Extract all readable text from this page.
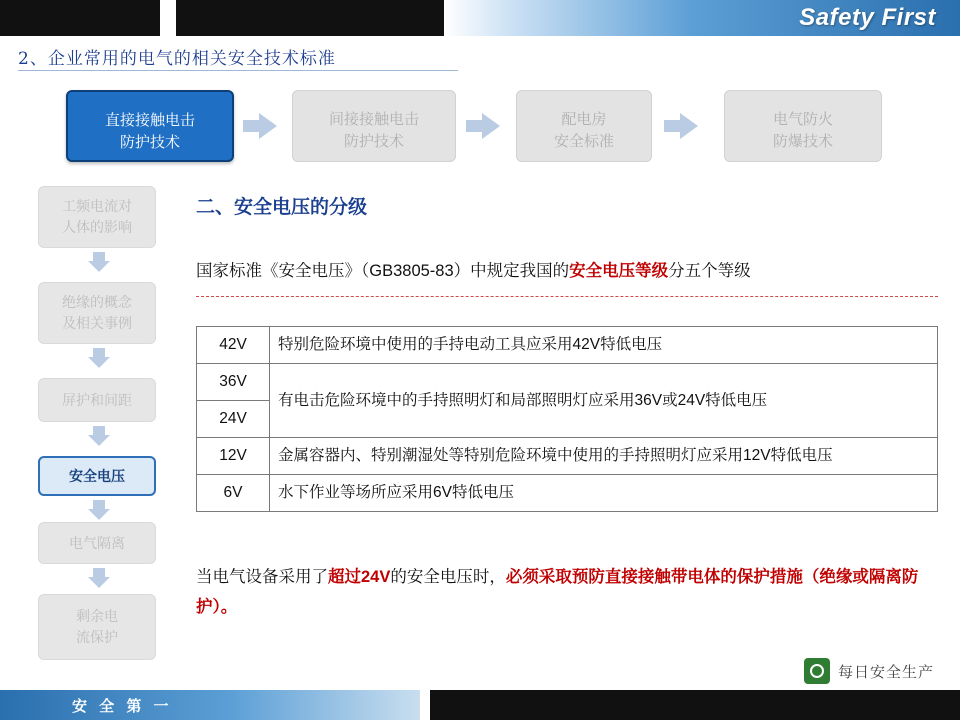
Safety First
2、企业常用的电气的相关安全技术标准
直接接触电击
防护技术
间接接触电击
防护技术
配电房
安全标准
电气防火
防爆技术
工频电流对
人体的影响
绝缘的概念
及相关事例
屏护和间距
安全电压
电气隔离
剩余电
流保护
二、安全电压的分级
国家标准《安全电压》（GB3805-83）中规定我国的安全电压等级分五个等级
42V	特别危险环境中使用的手持电动工具应采用42V特低电压
36V	有电击危险环境中的手持照明灯和局部照明灯应采用36V或24V特低电压
24V	
12V	金属容器内、特别潮湿处等特别危险环境中使用的手持照明灯应采用12V特低电压
6V	水下作业等场所应采用6V特低电压
当电气设备采用了超过24V的安全电压时，必须采取预防直接接触带电体的保护措施（绝缘或隔离防护）。
每日安全生产
安 全 第 一
